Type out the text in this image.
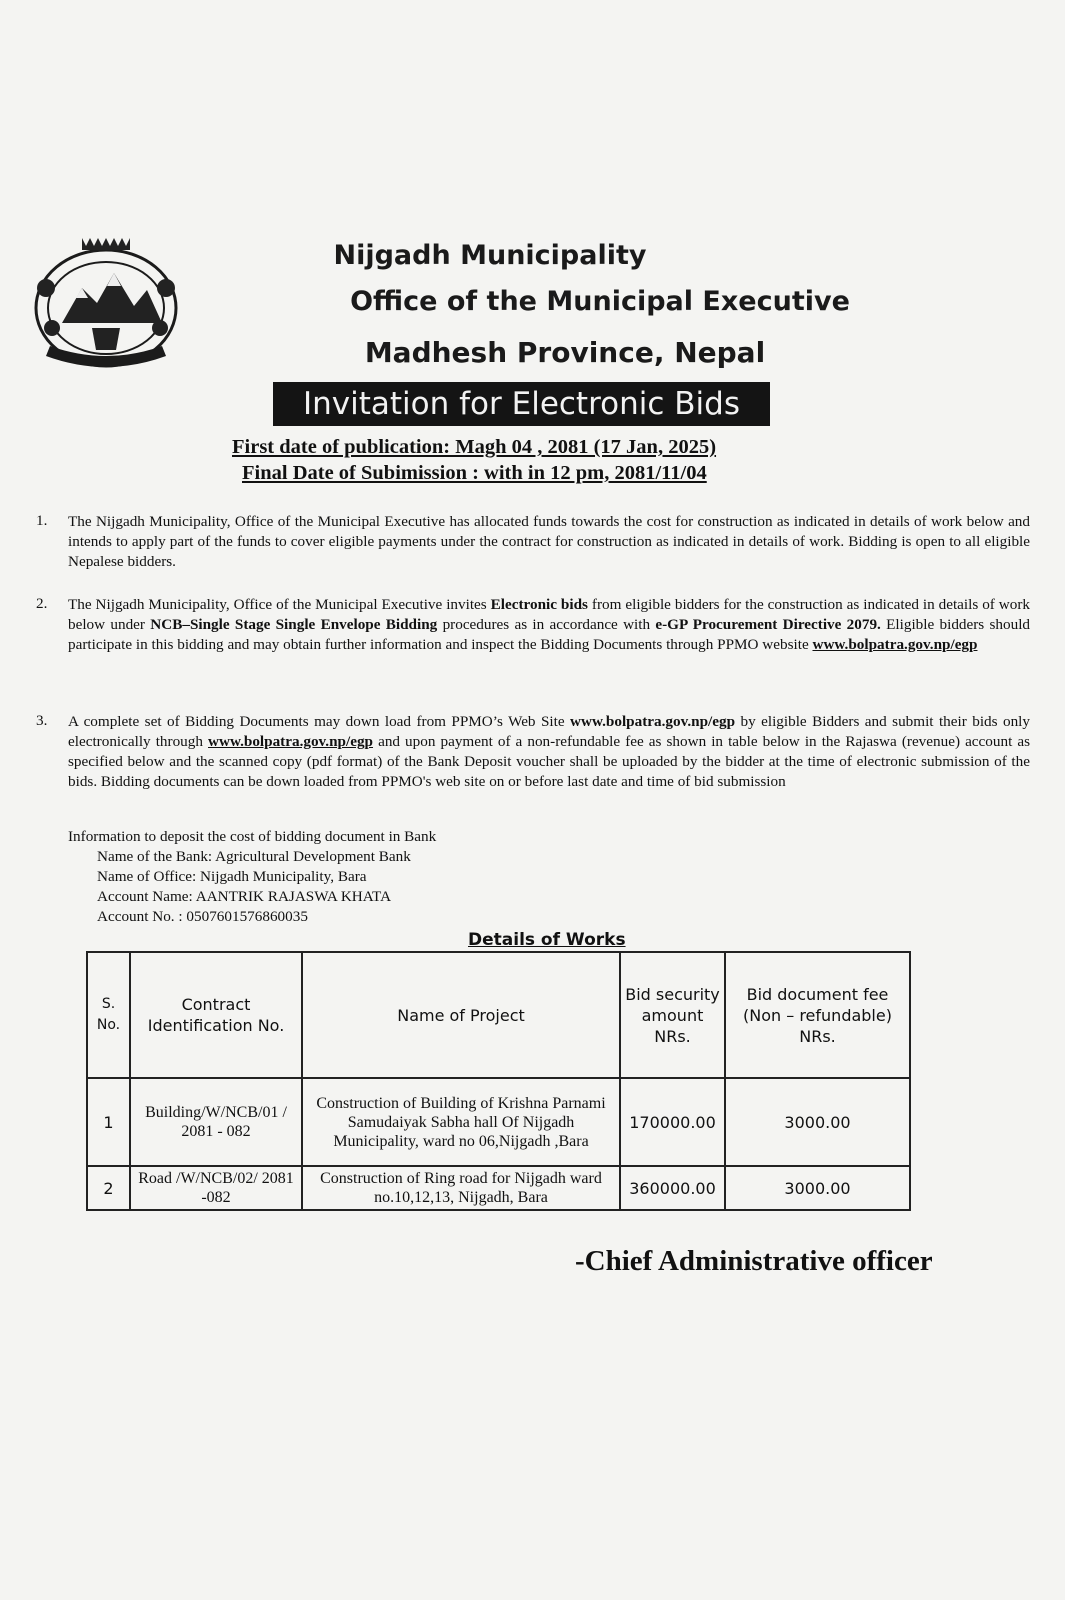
Nijgadh Municipality
Office of the Municipal Executive
Madhesh Province, Nepal
Invitation for Electronic Bids
First date of publication: Magh 04 , 2081 (17 Jan, 2025)
Final Date of Subimission : with in 12 pm, 2081/11/04
1. The Nijgadh Municipality, Office of the Municipal Executive has allocated funds towards the cost for construction as indicated in details of work below and intends to apply part of the funds to cover eligible payments under the contract for construction as indicated in details of work. Bidding is open to all eligible Nepalese bidders.
2. The Nijgadh Municipality, Office of the Municipal Executive invites Electronic bids from eligible bidders for the construction as indicated in details of work below under NCB–Single Stage Single Envelope Bidding procedures as in accordance with e-GP Procurement Directive 2079. Eligible bidders should participate in this bidding and may obtain further information and inspect the Bidding Documents through PPMO website www.bolpatra.gov.np/egp
3. A complete set of Bidding Documents may down load from PPMO’s Web Site www.bolpatra.gov.np/egp by eligible Bidders and submit their bids only electronically through www.bolpatra.gov.np/egp and upon payment of a non-refundable fee as shown in table below in the Rajaswa (revenue) account as specified below and the scanned copy (pdf format) of the Bank Deposit voucher shall be uploaded by the bidder at the time of electronic submission of the bids. Bidding documents can be down loaded from PPMO's web site on or before last date and time of bid submission
Information to deposit the cost of bidding document in Bank
Name of the Bank: Agricultural Development Bank
Name of Office: Nijgadh Municipality, Bara
Account Name: AANTRIK RAJASWA KHATA
Account No. : 0507601576860035
Details of Works
S. No.	Contract Identification No.	Name of Project	Bid security amount NRs.	Bid document fee (Non – refundable) NRs.
1	Building/W/NCB/01 / 2081 - 082	Construction of Building of Krishna Parnami Samudaiyak Sabha hall Of Nijgadh Municipality, ward no 06,Nijgadh ,Bara	170000.00	3000.00
2	Road /W/NCB/02/ 2081 -082	Construction of Ring road for Nijgadh ward no.10,12,13, Nijgadh, Bara	360000.00	3000.00
-Chief Administrative officer
